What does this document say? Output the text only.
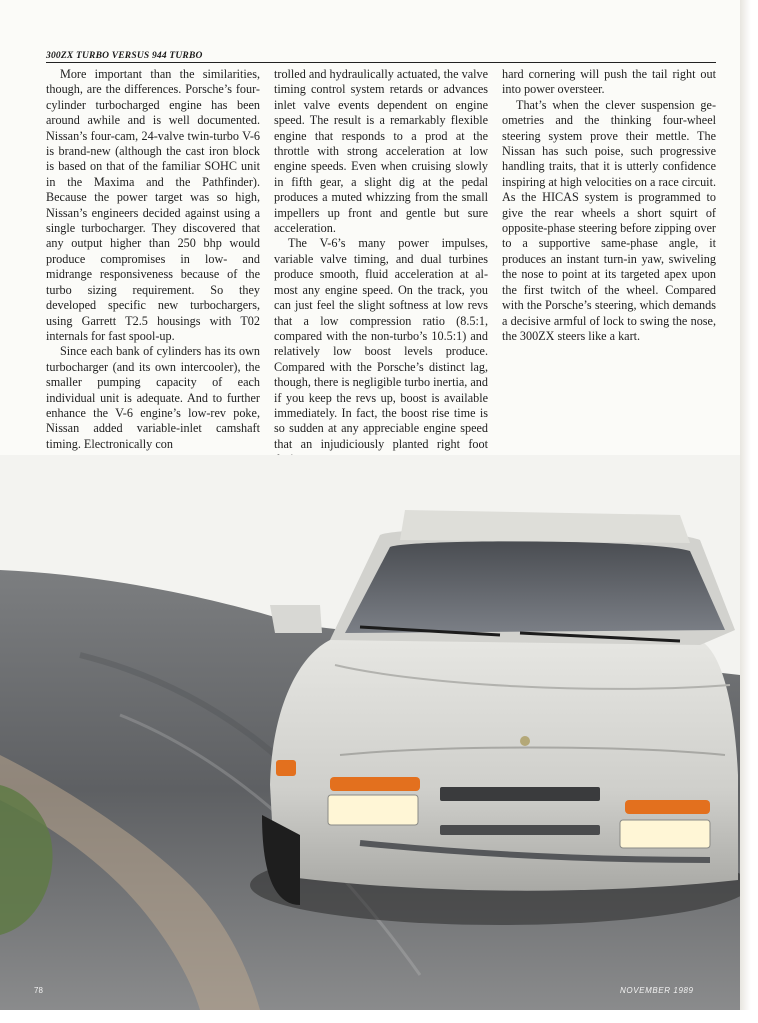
300ZX TURBO VERSUS 944 TURBO

More important than the similarities, though, are the differences. Porsche’s four-cylinder turbocharged engine has been around awhile and is well documented. Nissan’s four-cam, 24-valve twin-turbo V-6 is brand-new (although the cast iron block is based on that of the familiar SOHC unit in the Maxima and the Pathfinder). Because the power target was so high, Nissan’s engineers decided against using a single turbocharger. They discovered that any output higher than 250 bhp would produce compromises in low- and midrange responsiveness because of the turbo sizing requirement. So they developed specific new turbochargers, using Garrett T2.5 housings with T02 internals for fast spool-up.

Since each bank of cylinders has its own turbocharger (and its own intercooler), the smaller pumping capacity of each individual unit is adequate. And to further enhance the V-6 engine’s low-rev poke, Nissan added variable-inlet camshaft timing. Electronically con

trolled and hydraulically actuated, the valve timing control system retards or advances inlet valve events dependent on engine speed. The result is a remarkably flexible engine that responds to a prod at the throttle with strong acceleration at low engine speeds. Even when cruising slowly in fifth gear, a slight dig at the pedal produces a muted whizzing from the small impellers up front and gentle but sure acceleration.

The V-6’s many power impulses, variable valve timing, and dual turbines produce smooth, fluid acceleration at almost any engine speed. On the track, you can just feel the slight softness at low revs that a low compression ratio (8.5:1, compared with the non-turbo’s 10.5:1) and relatively low boost levels produce. Compared with the Porsche’s distinct lag, though, there is negligible turbo inertia, and if you keep the revs up, boost is available immediately. In fact, the boost rise time is so sudden at any appreciable engine speed that an injudiciously planted right foot

hard cornering will push the tail right out into power oversteer.

That’s when the clever suspension geometries and the thinking four-wheel steering system prove their mettle. The Nissan has such poise, such progressive handling traits, that it is utterly confidence inspiring at high velocities on a race circuit. As the HICAS system is programmed to give the rear wheels a short squirt of opposite-phase steering before zipping over to a supportive same-phase angle, it produces an instant turn-in yaw, swiveling the nose to point at its targeted apex upon the first twitch of the wheel. Compared with the Porsche’s steering, which demands a decisive armful of lock to swing the nose, the 300ZX steers like a kart.

78	NOVEMBER 1989
